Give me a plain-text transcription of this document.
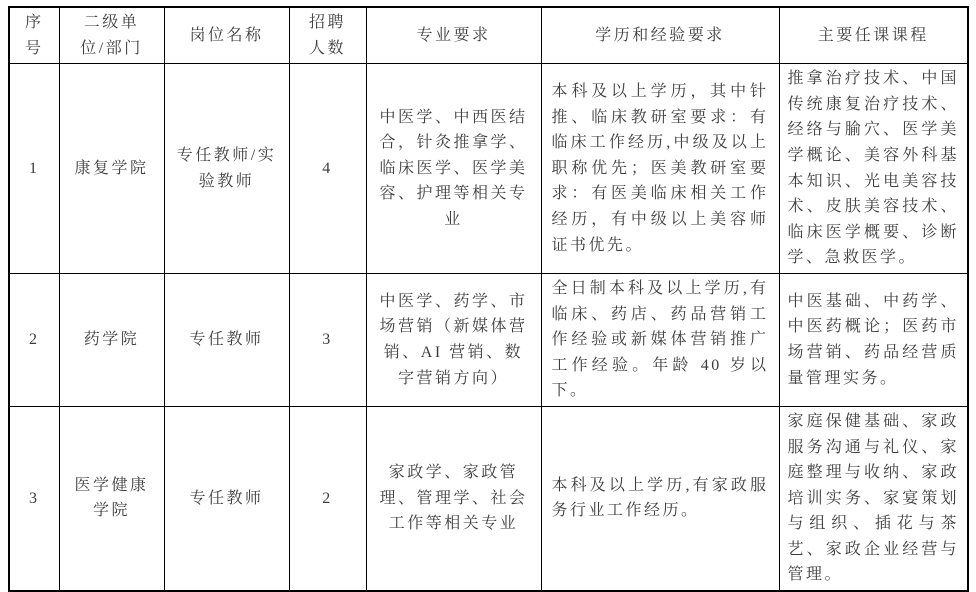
序号	二级单位/部门	岗位名称	招聘人数	专业要求	学历和经验要求	主要任课课程
1	康复学院	专任教师/实验教师	4	中医学、中西医结合，针灸推拿学、临床医学、医学美容、护理等相关专业	本科及以上学历，其中针推、临床教研室要求：有临床工作经历,中级及以上职称优先；医美教研室要求：有医美临床相关工作经历，有中级以上美容师证书优先。	推拿治疗技术、中国传统康复治疗技术、经络与腧穴、医学美学概论、美容外科基本知识、光电美容技术、皮肤美容技术、临床医学概要、诊断学、急救医学。
2	药学院	专任教师	3	中医学、药学、市场营销（新媒体营销、AI 营销、数字营销方向）	全日制本科及以上学历,有临床、药店、药品营销工作经验或新媒体营销推广工作经验。年龄 40 岁以下。	中医基础、中药学、中医药概论；医药市场营销、药品经营质量管理实务。
3	医学健康学院	专任教师	2	家政学、家政管理、管理学、社会工作等相关专业	本科及以上学历,有家政服务行业工作经历。	家庭保健基础、家政服务沟通与礼仪、家庭整理与收纳、家政培训实务、家宴策划与组织、插花与茶艺、家政企业经营与管理。
